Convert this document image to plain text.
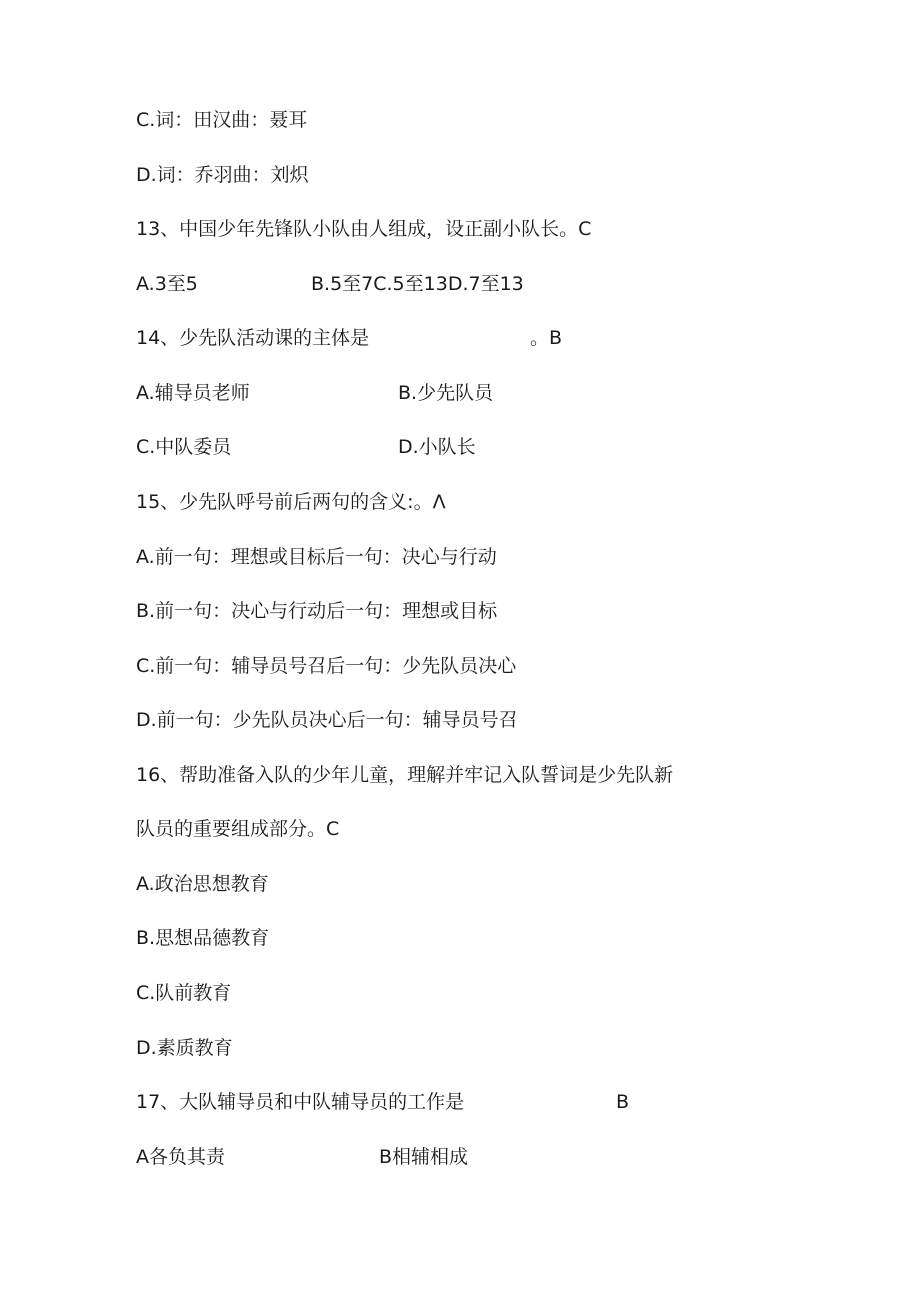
C.词：田汉曲：聂耳
D.词：乔羽曲：刘炽
13、中国少年先锋队小队由人组成，设正副小队长。C
A.3至5	B.5至7C.5至13D.7至13
14、少先队活动课的主体是	。B
A.辅导员老师	B.少先队员
C.中队委员	D.小队长
15、少先队呼号前后两句的含义:。Λ
A.前一句：理想或目标后一句：决心与行动
B.前一句：决心与行动后一句：理想或目标
C.前一句：辅导员号召后一句：少先队员决心
D.前一句：少先队员决心后一句：辅导员号召
16、帮助准备入队的少年儿童，理解并牢记入队誓词是少先队新
队员的重要组成部分。C
A.政治思想教育
B.思想品德教育
C.队前教育
D.素质教育
17、大队辅导员和中队辅导员的工作是	B
A各负其责	B相辅相成
